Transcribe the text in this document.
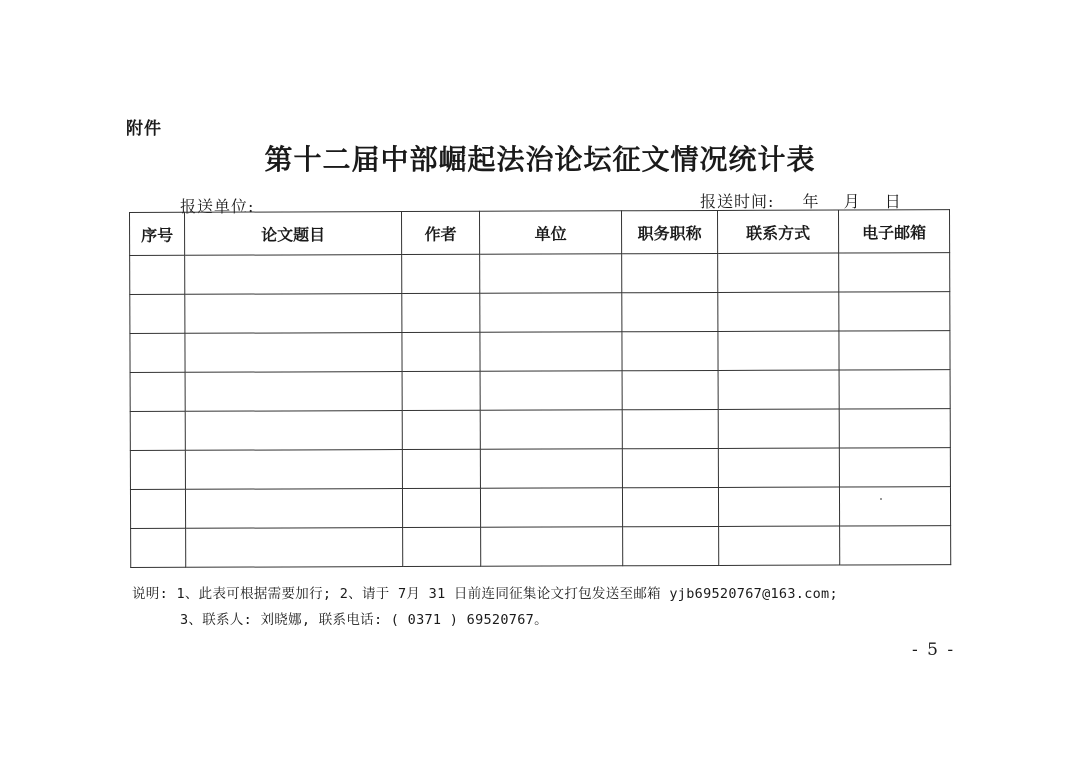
附件
第十二届中部崛起法治论坛征文情况统计表
报送单位:	报送时间: 年 月 日
序号	论文题目	作者	单位	职务职称	联系方式	电子邮箱

说明: 1、此表可根据需要加行; 2、请于 7月 31 日前连同征集论文打包发送至邮箱 yjb69520767@163.com;
3、联系人: 刘晓娜, 联系电话: ( 0371 ) 69520767。
- 5 -
